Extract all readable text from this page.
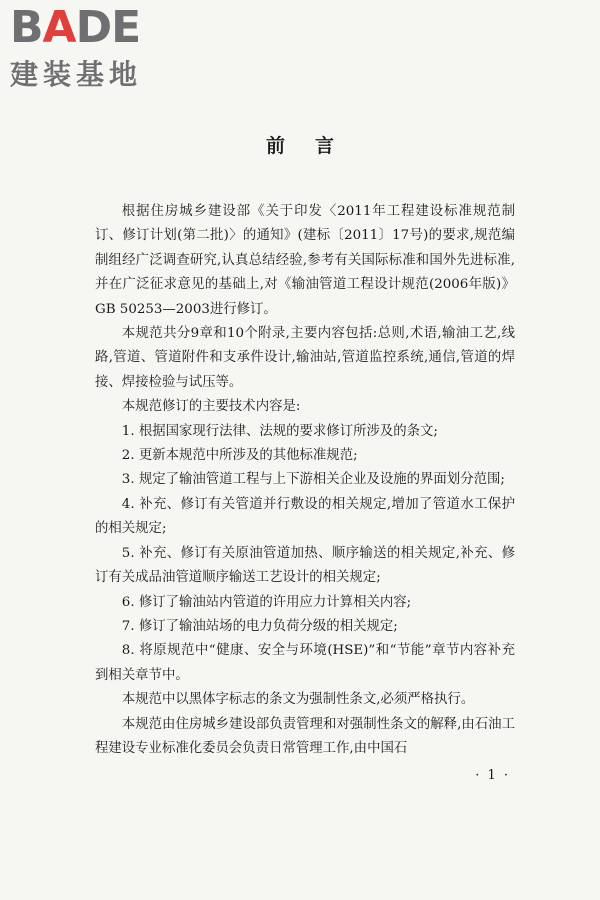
B A D E
建装基地
前言

根据住房城乡建设部《关于印发〈2011年工程建设标准规范制订、修订计划(第二批)〉的通知》(建标〔2011〕17号)的要求,规范编制组经广泛调查研究,认真总结经验,参考有关国际标准和国外先进标准,并在广泛征求意见的基础上,对《输油管道工程设计规范(2006年版)》GB 50253—2003进行修订。

本规范共分9章和10个附录,主要内容包括:总则,术语,输油工艺,线路,管道、管道附件和支承件设计,输油站,管道监控系统,通信,管道的焊接、焊接检验与试压等。

本规范修订的主要技术内容是:

1. 根据国家现行法律、法规的要求修订所涉及的条文;

2. 更新本规范中所涉及的其他标准规范;

3. 规定了输油管道工程与上下游相关企业及设施的界面划分范围;

4. 补充、修订有关管道并行敷设的相关规定,增加了管道水工保护的相关规定;

5. 补充、修订有关原油管道加热、顺序输送的相关规定,补充、修订有关成品油管道顺序输送工艺设计的相关规定;

6. 修订了输油站内管道的许用应力计算相关内容;

7. 修订了输油站场的电力负荷分级的相关规定;

8. 将原规范中“健康、安全与环境(HSE)”和“节能”章节内容补充到相关章节中。

本规范中以黑体字标志的条文为强制性条文,必须严格执行。

本规范由住房城乡建设部负责管理和对强制性条文的解释,由石油工程建设专业标准化委员会负责日常管理工作,由中国石

· 1 ·
